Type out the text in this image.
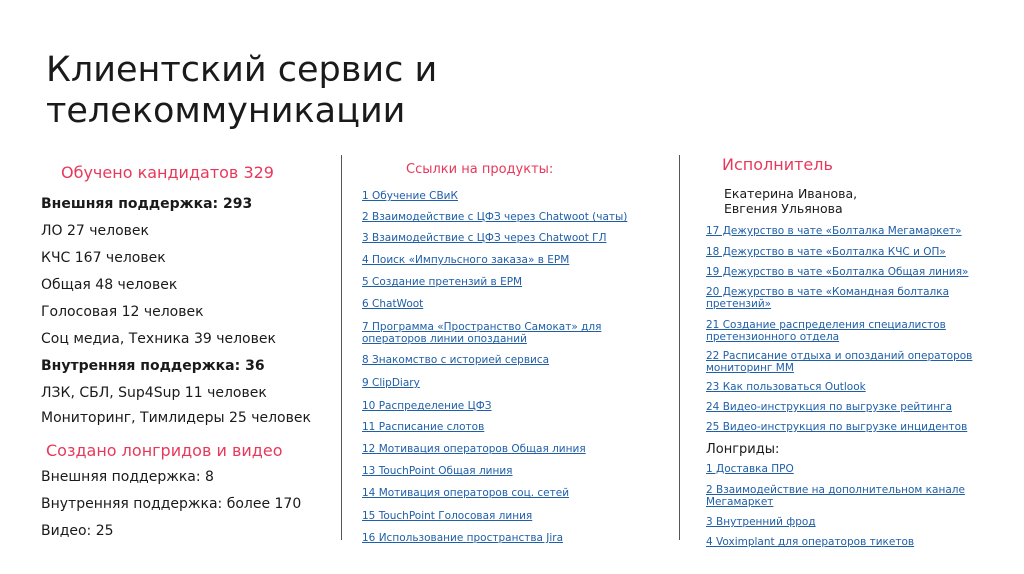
Клиентский сервис и
телекоммуникации
Обучено кандидатов 329
Внешняя поддержка: 293
ЛО 27 человек
КЧС 167 человек
Общая 48 человек
Голосовая 12 человек
Соц медиа, Техника 39 человек
Внутренняя поддержка: 36
ЛЗК, СБЛ, Sup4Sup 11 человек
Мониторинг, Тимлидеры 25 человек
Создано лонгридов и видео
Внешняя поддержка: 8
Внутренняя поддержка: более 170
Видео: 25
Ссылки на продукты:
1 Обучение СВиК
2 Взаимодействие с ЦФЗ через Chatwoot (чаты)
3 Взаимодействие с ЦФЗ через Chatwoot ГЛ
4 Поиск «Импульсного заказа» в ЕРМ
5 Создание претензий в ЕРМ
6 ChatWoot
7 Программа «Пространство Самокат» для операторов линии опозданий
8 Знакомство с историей сервиса
9 ClipDiary
10 Распределение ЦФЗ
11 Расписание слотов
12 Мотивация операторов Общая линия
13 TouchPoint Общая линия
14 Мотивация операторов соц. сетей
15 TouchPoint Голосовая линия
16 Использование пространства Jira
Исполнитель
Екатерина Иванова,
Евгения Ульянова
17 Дежурство в чате «Болталка Мегамаркет»
18 Дежурство в чате «Болталка КЧС и ОП»
19 Дежурство в чате «Болталка Общая линия»
20 Дежурство в чате «Командная болталка претензий»
21 Создание распределения специалистов претензионного отдела
22 Расписание отдыха и опозданий операторов мониторинг ММ
23 Как пользоваться Outlook
24 Видео-инструкция по выгрузке рейтинга
25 Видео-инструкция по выгрузке инцидентов
Лонгриды:
1 Доставка ПРО
2 Взаимодействие на дополнительном канале Мегамаркет
3 Внутренний фрод
4 Voximplant для операторов тикетов
